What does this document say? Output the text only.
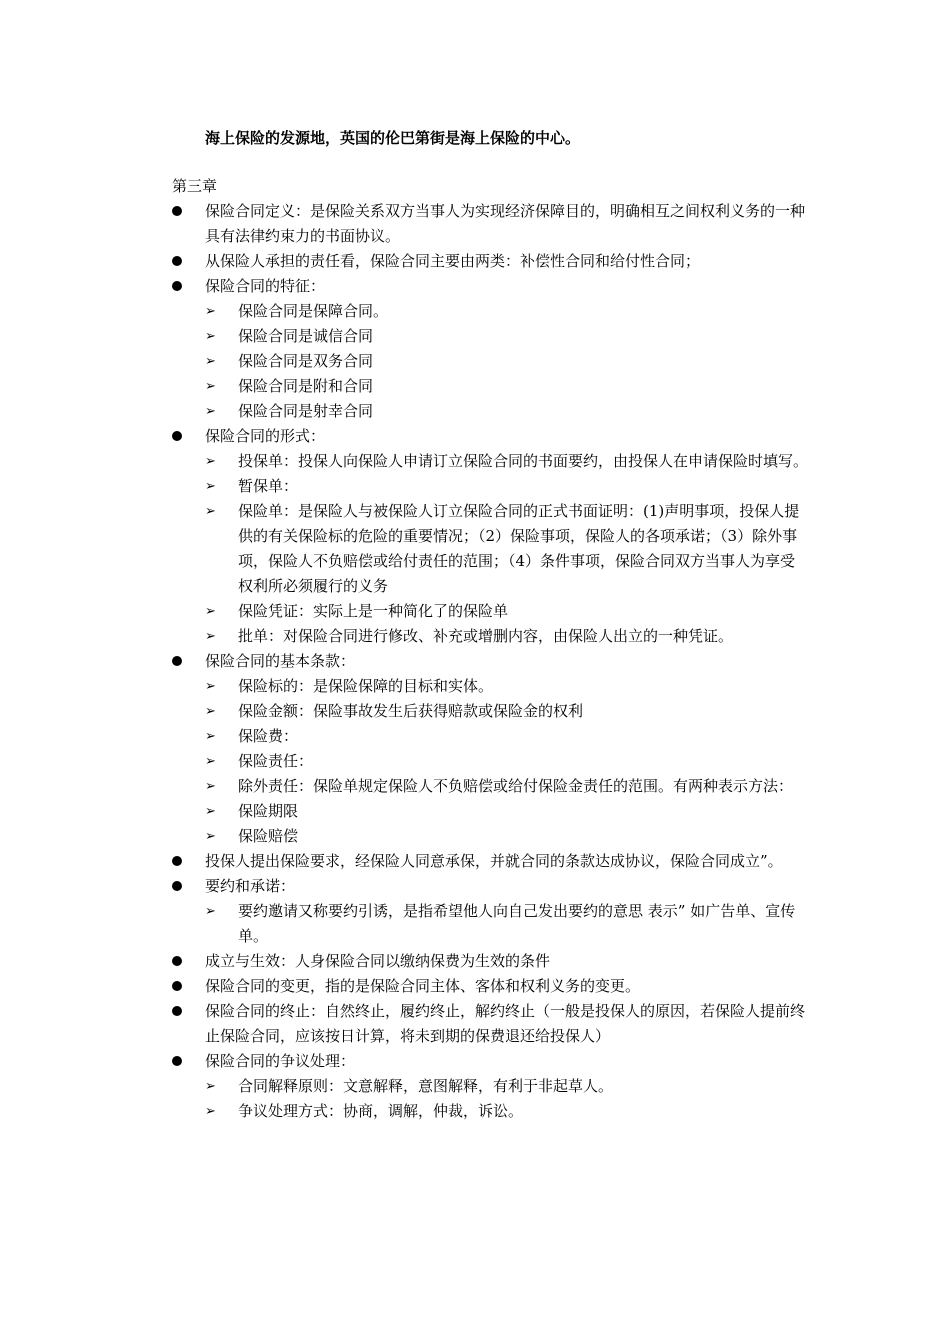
海上保险的发源地，英国的伦巴第街是海上保险的中心。
第三章
保险合同定义：是保险关系双方当事人为实现经济保障目的，明确相互之间权利义务的一种具有法律约束力的书面协议。
从保险人承担的责任看，保险合同主要由两类：补偿性合同和给付性合同；
保险合同的特征：
➢ 保险合同是保障合同。
➢ 保险合同是诚信合同
➢ 保险合同是双务合同
➢ 保险合同是附和合同
➢ 保险合同是射幸合同
保险合同的形式：
➢ 投保单：投保人向保险人申请订立保险合同的书面要约，由投保人在申请保险时填写。
➢ 暂保单：
➢ 保险单：是保险人与被保险人订立保险合同的正式书面证明：(1)声明事项，投保人提供的有关保险标的危险的重要情况；（2）保险事项，保险人的各项承诺；（3）除外事项，保险人不负赔偿或给付责任的范围；（4）条件事项，保险合同双方当事人为享受权利所必须履行的义务
➢ 保险凭证：实际上是一种简化了的保险单
➢ 批单：对保险合同进行修改、补充或增删内容，由保险人出立的一种凭证。
保险合同的基本条款：
➢ 保险标的：是保险保障的目标和实体。
➢ 保险金额：保险事故发生后获得赔款或保险金的权利
➢ 保险费：
➢ 保险责任：
➢ 除外责任：保险单规定保险人不负赔偿或给付保险金责任的范围。有两种表示方法：
➢ 保险期限
➢ 保险赔偿
投保人提出保险要求，经保险人同意承保，并就合同的条款达成协议，保险合同成立”。
要约和承诺：
➢ 要约邀请又称要约引诱，是指希望他人向自己发出要约的意思 表示” 如广告单、宣传单。
成立与生效：人身保险合同以缴纳保费为生效的条件
保险合同的变更，指的是保险合同主体、客体和权利义务的变更。
保险合同的终止：自然终止，履约终止，解约终止（一般是投保人的原因，若保险人提前终止保险合同，应该按日计算，将未到期的保费退还给投保人）
保险合同的争议处理：
➢ 合同解释原则：文意解释，意图解释，有利于非起草人。
➢ 争议处理方式：协商，调解，仲裁，诉讼。
